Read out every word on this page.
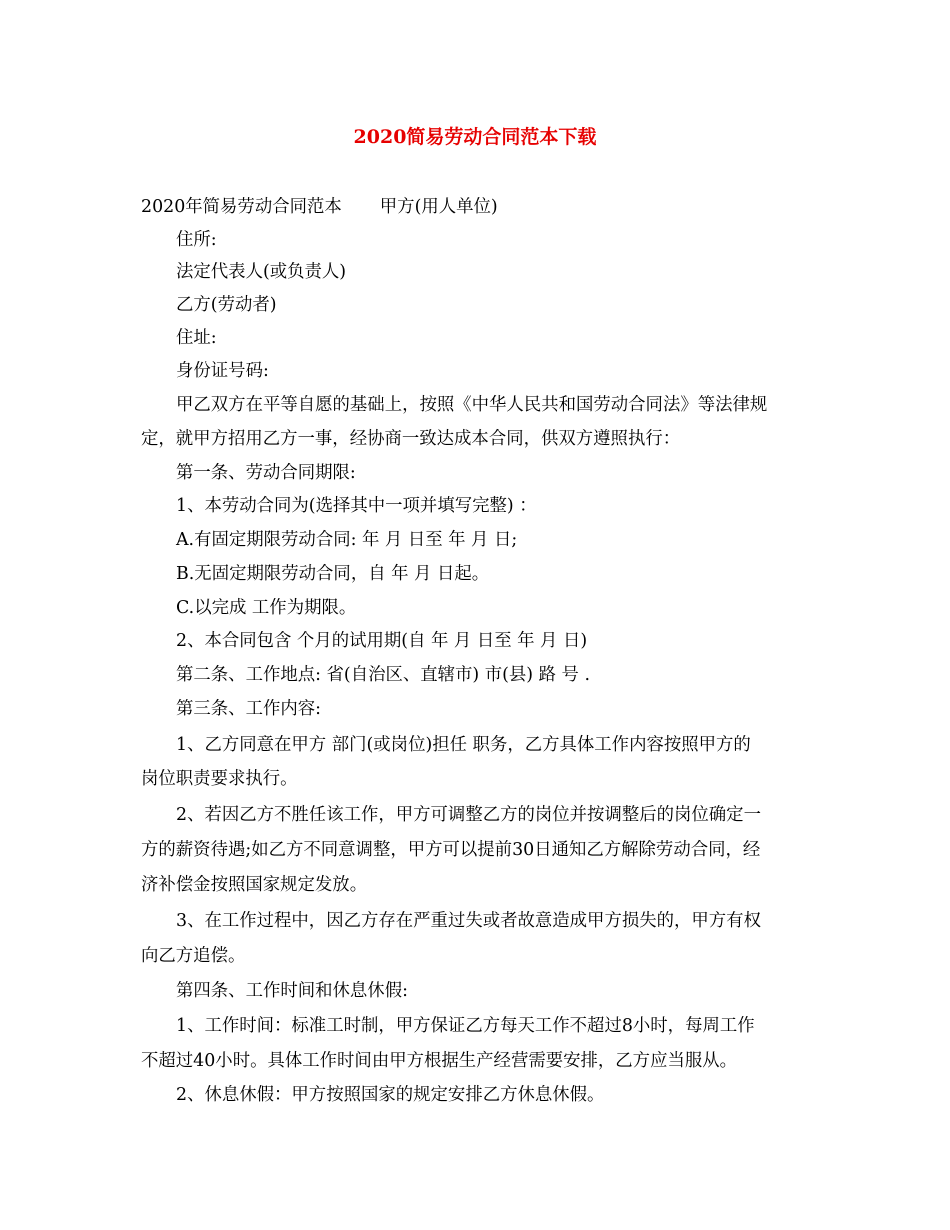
2020简易劳动合同范本下载
2020年简易劳动合同范本 甲方(用人单位)
住所:
法定代表人(或负责人)
乙方(劳动者)
住址:
身份证号码:
甲乙双方在平等自愿的基础上，按照《中华人民共和国劳动合同法》等法律规
定，就甲方招用乙方一事，经协商一致达成本合同，供双方遵照执行：
第一条、劳动合同期限:
1、本劳动合同为(选择其中一项并填写完整) ：
A.有固定期限劳动合同: 年 月 日至 年 月 日;
B.无固定期限劳动合同，自 年 月 日起。
C.以完成 工作为期限。
2、本合同包含 个月的试用期(自 年 月 日至 年 月 日)
第二条、工作地点: 省(自治区、直辖市) 市(县) 路 号 .
第三条、工作内容:
1、乙方同意在甲方 部门(或岗位)担任 职务，乙方具体工作内容按照甲方的
岗位职责要求执行。
2、若因乙方不胜任该工作，甲方可调整乙方的岗位并按调整后的岗位确定一
方的薪资待遇;如乙方不同意调整，甲方可以提前30日通知乙方解除劳动合同，经
济补偿金按照国家规定发放。
3、在工作过程中，因乙方存在严重过失或者故意造成甲方损失的，甲方有权
向乙方追偿。
第四条、工作时间和休息休假:
1、工作时间：标准工时制，甲方保证乙方每天工作不超过8小时，每周工作
不超过40小时。具体工作时间由甲方根据生产经营需要安排，乙方应当服从。
2、休息休假：甲方按照国家的规定安排乙方休息休假。
